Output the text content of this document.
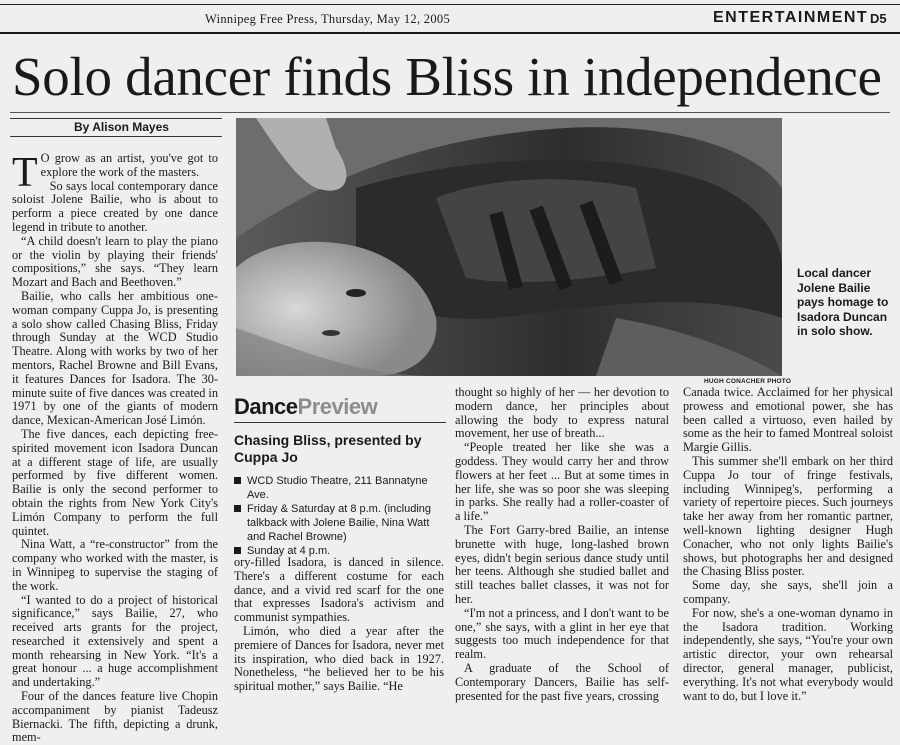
Winnipeg Free Press, Thursday, May 12, 2005	ENTERTAINMENT D5
Solo dancer finds Bliss in independence
By Alison Mayes

T O grow as an artist, you've got to explore the work of the masters.

So says local contemporary dance soloist Jolene Bailie, who is about to perform a piece created by one dance legend in tribute to another.

“A child doesn't learn to play the piano or the violin by playing their friends' compositions,” she says. “They learn Mozart and Bach and Beethoven.”

Bailie, who calls her ambitious one-woman company Cuppa Jo, is presenting a solo show called Chasing Bliss, Friday through Sunday at the WCD Studio Theatre. Along with works by two of her mentors, Rachel Browne and Bill Evans, it features Dances for Isadora. The 30-minute suite of five dances was created in 1971 by one of the giants of modern dance, Mexican-American José Limón.

The five dances, each depicting free-spirited movement icon Isadora Duncan at a different stage of life, are usually performed by five different women. Bailie is only the second performer to obtain the rights from New York City's Limón Company to perform the full quintet.

Nina Watt, a “re-constructor” from the company who worked with the master, is in Winnipeg to supervise the staging of the work.

“I wanted to do a project of historical significance,” says Bailie, 27, who received arts grants for the project, researched it extensively and spent a month rehearsing in New York. “It's a great honour ... a huge accomplishment and undertaking.”

Four of the dances feature live Chopin accompaniment by pianist Tadeusz Biernacki. The fifth, depicting a drunk, mem-

HUGH CONACHER PHOTO
Local dancer Jolene Bailie pays homage to Isadora Duncan in solo show.
DancePreview
Chasing Bliss, presented by Cuppa Jo
WCD Studio Theatre, 211 Bannatyne Ave.
Friday & Saturday at 8 p.m. (including talkback with Jolene Bailie, Nina Watt and Rachel Browne)
Sunday at 4 p.m.

ory-filled Isadora, is danced in silence. There's a different costume for each dance, and a vivid red scarf for the one that expresses Isadora's activism and communist sympathies.

Limón, who died a year after the premiere of Dances for Isadora, never met its inspiration, who died back in 1927. Nonetheless, “he believed her to be his spiritual mother,” says Bailie. “He

thought so highly of her — her devotion to modern dance, her principles about allowing the body to express natural movement, her use of breath...

“People treated her like she was a goddess. They would carry her and throw flowers at her feet ... But at some times in her life, she was so poor she was sleeping in parks. She really had a roller-coaster of a life.”

The Fort Garry-bred Bailie, an intense brunette with huge, long-lashed brown eyes, didn't begin serious dance study until her teens. Although she studied ballet and still teaches ballet classes, it was not for her.

“I'm not a princess, and I don't want to be one,” she says, with a glint in her eye that suggests too much independence for that realm.

A graduate of the School of Contemporary Dancers, Bailie has self-presented for the past five years, crossing

Canada twice. Acclaimed for her physical prowess and emotional power, she has been called a virtuoso, even hailed by some as the heir to famed Montreal soloist Margie Gillis.

This summer she'll embark on her third Cuppa Jo tour of fringe festivals, including Winnipeg's, performing a variety of repertoire pieces. Such journeys take her away from her romantic partner, well-known lighting designer Hugh Conacher, who not only lights Bailie's shows, but photographs her and designed the Chasing Bliss poster.

Some day, she says, she'll join a company.

For now, she's a one-woman dynamo in the Isadora tradition. Working independently, she says, “You're your own artistic director, your own rehearsal director, general manager, publicist, everything. It's not what everybody would want to do, but I love it.”
